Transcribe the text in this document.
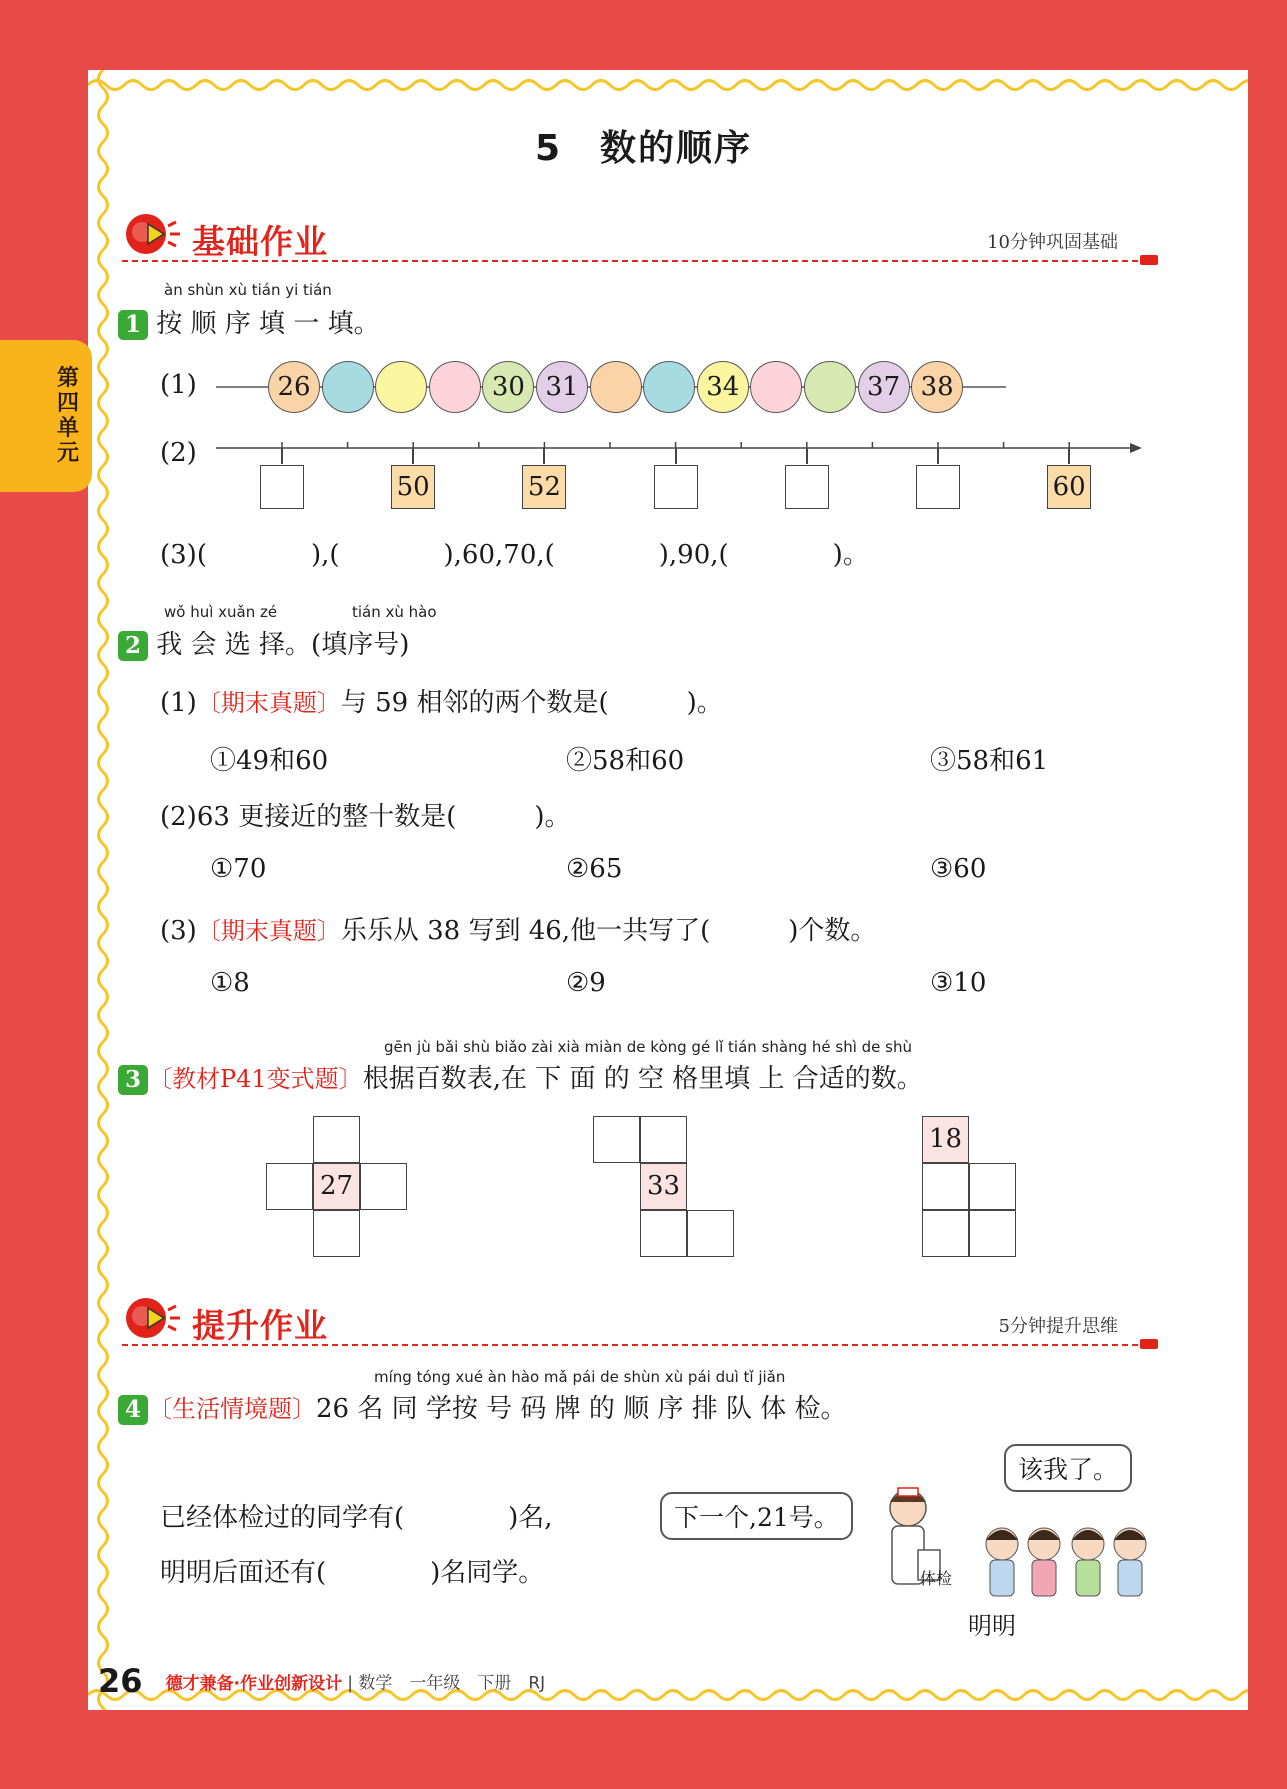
第四单元
5　数的顺序
基础作业	10分钟巩固基础
àn shùn xù tián yi tián
1 按 顺 序 填 一 填。
(1)	26	30 31	34	37 38
(2)
50	52	60
(3)(　　　　),(　　　　),60,70,(　　　　),90,(　　　　)。
wǒ huì xuǎn zé	tián xù hào
2 我 会 选 择。(填序号)
(1)〔期末真题〕与 59 相邻的两个数是(　　　)。
①49和60	②58和60	③58和61
(2)63 更接近的整十数是(　　　)。
①70	②65	③60
(3)〔期末真题〕乐乐从 38 写到 46,他一共写了(　　　)个数。
①8	②9	③10
gēn jù bǎi shù biǎo zài xià miàn de kòng gé lǐ tián shàng hé shì de shù
3 〔教材P41变式题〕根据百数表,在 下 面 的 空 格里填 上 合适的数。
27	33
18
提升作业	5分钟提升思维
míng tóng xué àn hào mǎ pái de shùn xù pái duì tǐ jiǎn
4 〔生活情境题〕26 名 同 学按 号 码 牌 的 顺 序 排 队 体 检。
已经体检过的同学有(　　　　)名,
明明后面还有(　　　　)名同学。
下一个,21号。
该我了。
体检
明明
26 德才兼备·作业创新设计 | 数学　一年级　下册　RJ
